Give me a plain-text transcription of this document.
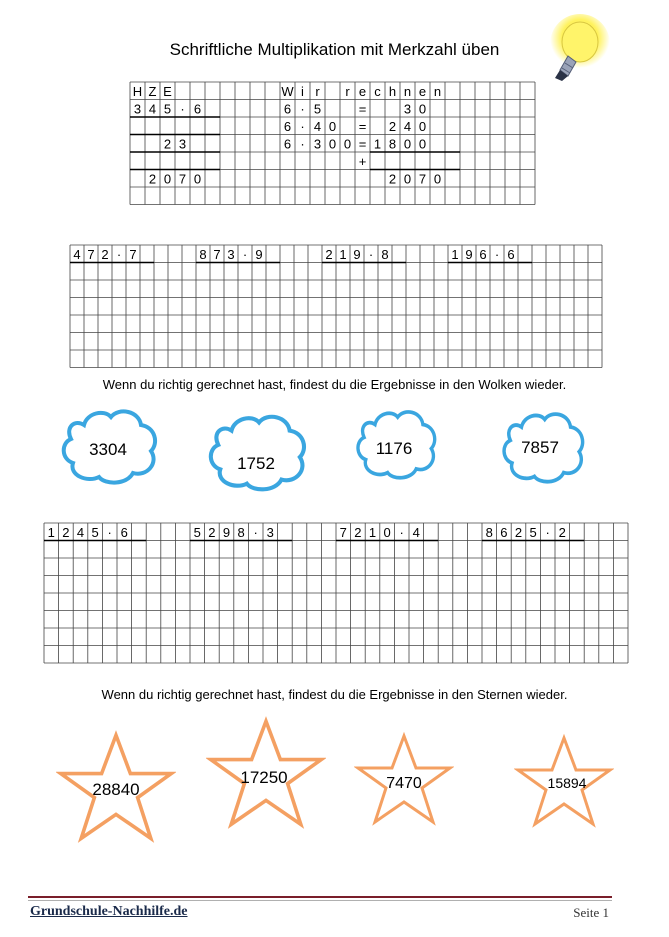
Schriftliche Multiplikation mit Merkzahl üben
H Z E	W i r r e c h n e n
3 4 5 · 6	6 · 5	=	3 0
6 · 4 0 = 2 4 0
2 3	6 · 3 0 0 = 1 8 0 0
+
2 0 7 0	2 0 7 0
4 7 2 · 7	8 7 3 · 9	2 1 9 · 8	1 9 6 · 6
Wenn du richtig gerechnet hast, findest du die Ergebnisse in den Wolken wieder.
3304
1752
1176	7857
1 2 4 5 · 6	5 2 9 8 · 3	7 2 1 0 · 4	8 6 2 5 · 2
Wenn du richtig gerechnet hast, findest du die Ergebnisse in den Sternen wieder.
28840
17250	7470	15894
Grundschule-Nachhilfe.de	Seite 1
